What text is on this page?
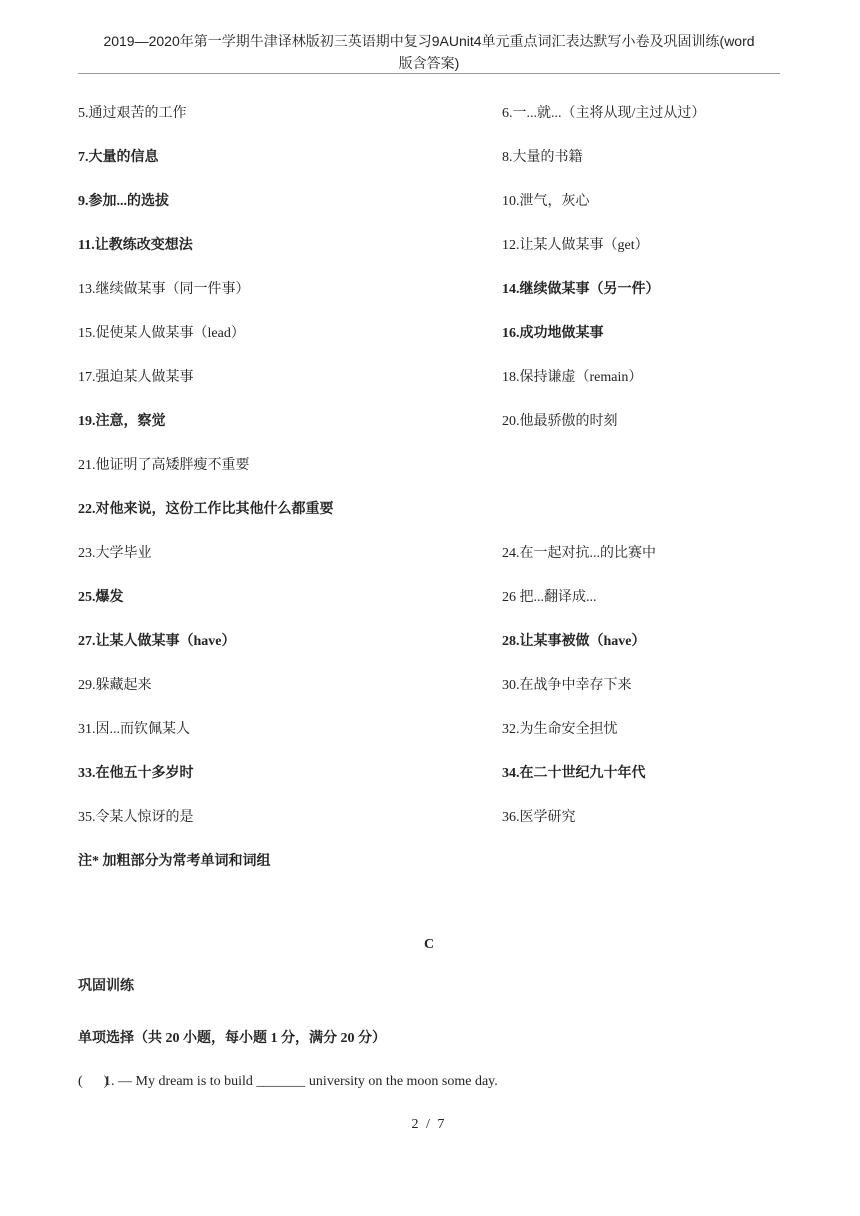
2019—2020年第一学期牛津译林版初三英语期中复习9AUnit4单元重点词汇表达默写小卷及巩固训练(word
版含答案)
5.通过艰苦的工作	6.一...就...（主将从现/主过从过）
7.大量的信息	8.大量的书籍
9.参加...的选拔	10.泄气，灰心
11.让教练改变想法	12.让某人做某事（get）
13.继续做某事（同一件事）	14.继续做某事（另一件）
15.促使某人做某事（lead）	16.成功地做某事
17.强迫某人做某事	18.保持谦虚（remain）
19.注意，察觉	20.他最骄傲的时刻
21.他证明了高矮胖瘦不重要
22.对他来说，这份工作比其他什么都重要
23.大学毕业	24.在一起对抗...的比赛中
25.爆发	26 把...翻译成...
27.让某人做某事（have）	28.让某事被做（have）
29.躲藏起来	30.在战争中幸存下来
31.因...而钦佩某人	32.为生命安全担忧
33.在他五十多岁时	34.在二十世纪九十年代
35.令某人惊讶的是	36.医学研究
注* 加粗部分为常考单词和词组
C
巩固训练
单项选择（共 20 小题，每小题 1 分，满分 20 分）
(      )
1. — My dream is to build _______ university on the moon some day.
2 / 7
